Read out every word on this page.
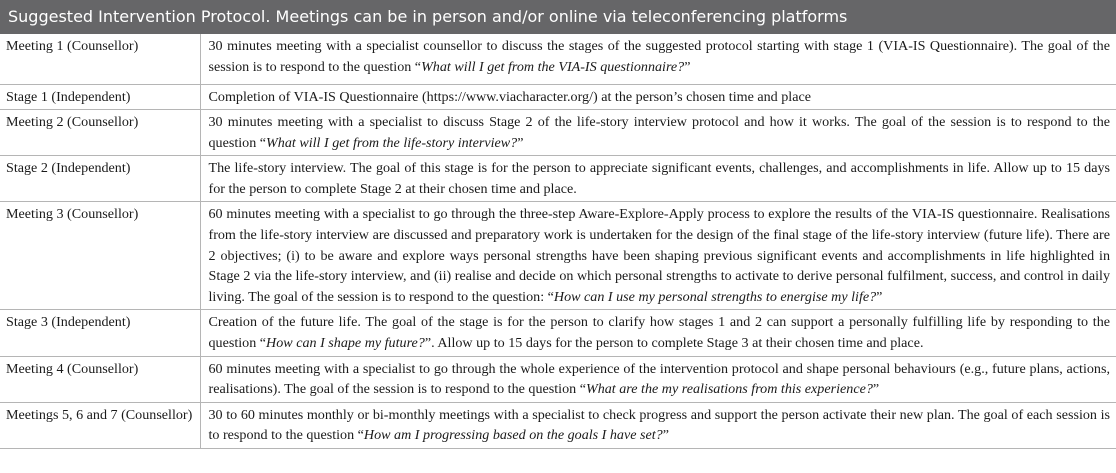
Suggested Intervention Protocol. Meetings can be in person and/or online via teleconferencing platforms
Meeting 1 (Counsellor)	30 minutes meeting with a specialist counsellor to discuss the stages of the suggested protocol starting with stage 1 (VIA-IS Questionnaire). The goal of the session is to respond to the question “What will I get from the VIA-IS questionnaire?”
Stage 1 (Independent)	Completion of VIA-IS Questionnaire (https://www.viacharacter.org/) at the person’s chosen time and place
Meeting 2 (Counsellor)	30 minutes meeting with a specialist to discuss Stage 2 of the life-story interview protocol and how it works. The goal of the session is to respond to the question “What will I get from the life-story interview?”
Stage 2 (Independent)	The life-story interview. The goal of this stage is for the person to appreciate significant events, challenges, and accomplishments in life. Allow up to 15 days for the person to complete Stage 2 at their chosen time and place.
Meeting 3 (Counsellor)	60 minutes meeting with a specialist to go through the three-step Aware-Explore-Apply process to explore the results of the VIA-IS questionnaire. Realisations from the life-story interview are discussed and preparatory work is undertaken for the design of the final stage of the life-story interview (future life). There are 2 objectives; (i) to be aware and explore ways personal strengths have been shaping previous significant events and accomplishments in life highlighted in Stage 2 via the life-story interview, and (ii) realise and decide on which personal strengths to activate to derive personal fulfilment, success, and control in daily living. The goal of the session is to respond to the question: “How can I use my personal strengths to energise my life?”
Stage 3 (Independent)	Creation of the future life. The goal of the stage is for the person to clarify how stages 1 and 2 can support a personally fulfilling life by responding to the question “How can I shape my future?”. Allow up to 15 days for the person to complete Stage 3 at their chosen time and place.
Meeting 4 (Counsellor)	60 minutes meeting with a specialist to go through the whole experience of the intervention protocol and shape personal behaviours (e.g., future plans, actions, realisations). The goal of the session is to respond to the question “What are the my realisations from this experience?”
Meetings 5, 6 and 7 (Counsellor)	30 to 60 minutes monthly or bi-monthly meetings with a specialist to check progress and support the person activate their new plan. The goal of each session is to respond to the question “How am I progressing based on the goals I have set?”
